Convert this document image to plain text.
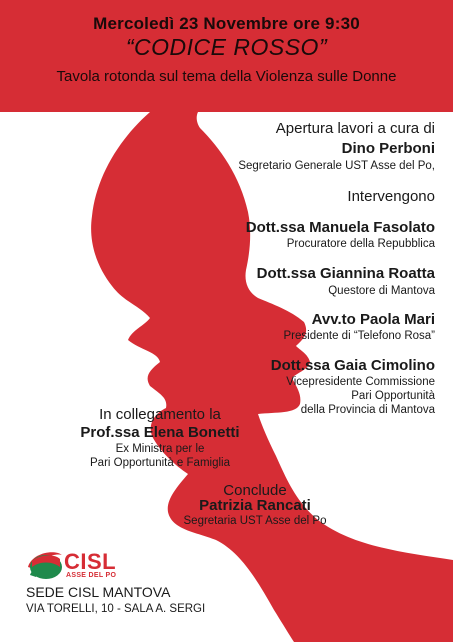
Mercoledì 23 Novembre ore 9:30
“CODICE ROSSO”
Tavola rotonda sul tema della Violenza sulle Donne
Apertura lavori a cura di
Dino Perboni
Segretario Generale UST Asse del Po,
Intervengono
Dott.ssa Manuela Fasolato
Procuratore della Repubblica
Dott.ssa Giannina Roatta
Questore di Mantova
Avv.to Paola Mari
Presidente di “Telefono Rosa”
Dott.ssa Gaia Cimolino
Vicepresidente Commissione
Pari Opportunità
della Provincia di Mantova
In collegamento la
Prof.ssa Elena Bonetti
Ex Ministra per le
Pari Opportunità e Famiglia
Conclude
Patrizia Rancati
Segretaria UST Asse del Po
CISL
ASSE DEL PO
SEDE CISL MANTOVA
VIA TORELLI, 10 - SALA A. SERGI
